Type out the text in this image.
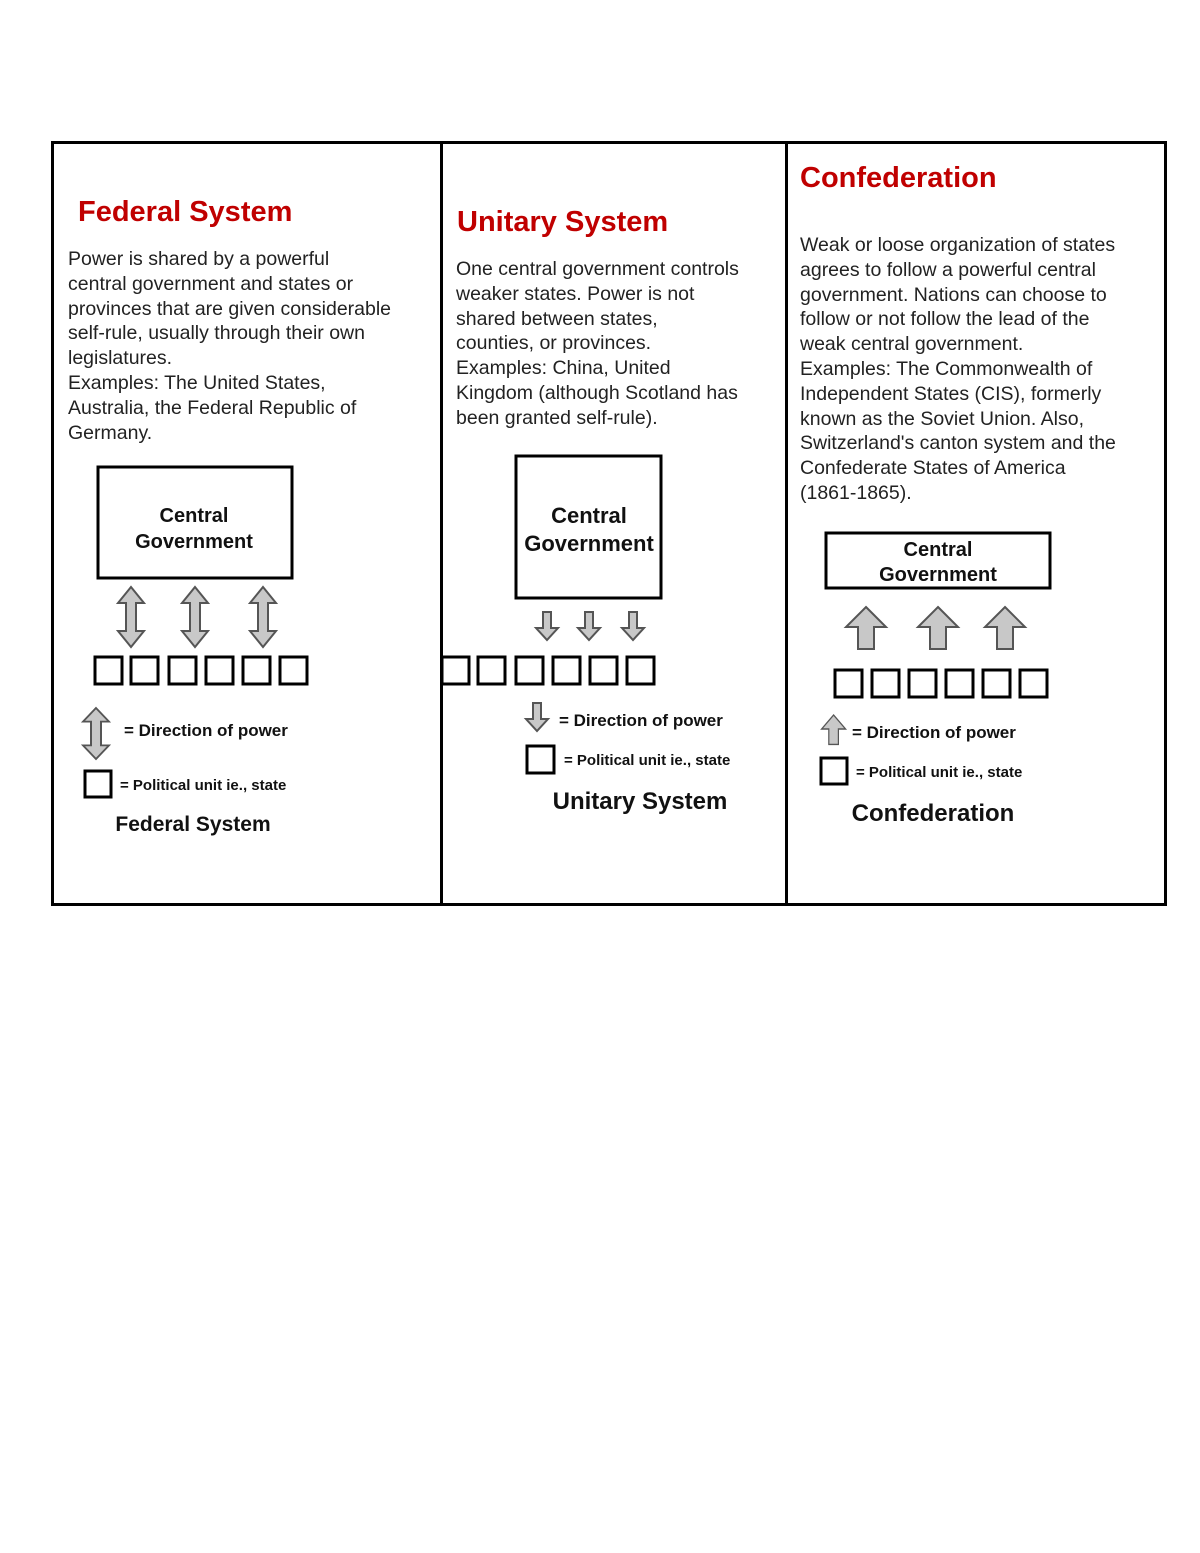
Federal System
Power is shared by a powerful
central government and states or
provinces that are given considerable
self-rule, usually through their own
legislatures.
Examples: The United States,
Australia, the Federal Republic of
Germany.
Central
Government
= Direction of power
= Political unit ie., state
Federal System
Unitary System
One central government controls
weaker states. Power is not
shared between states,
counties, or provinces.
Examples: China, United
Kingdom (although Scotland has
been granted self-rule).
Central
Government
= Direction of power
= Political unit ie., state
Unitary System
Confederation
Weak or loose organization of states
agrees to follow a powerful central
government. Nations can choose to
follow or not follow the lead of the
weak central government.
Examples: The Commonwealth of
Independent States (CIS), formerly
known as the Soviet Union. Also,
Switzerland's canton system and the
Confederate States of America
(1861-1865).
Central
Government
= Direction of power
= Political unit ie., state
Confederation
